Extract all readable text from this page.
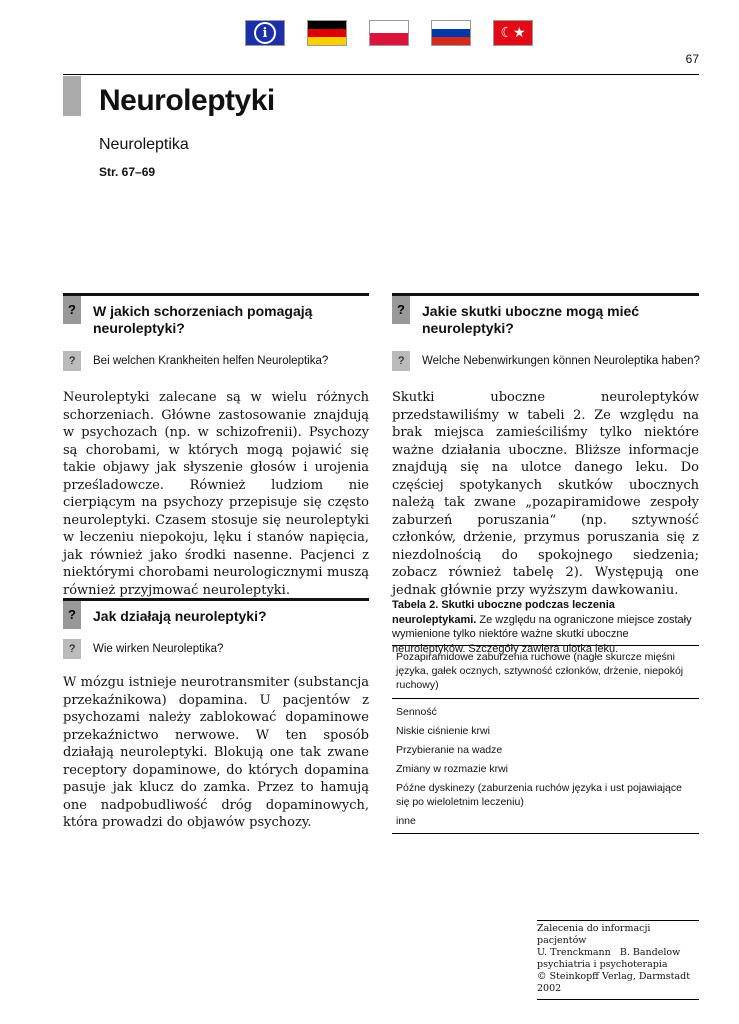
i	☾★
67
Neuroleptyki
Neuroleptika
Str. 67–69
?	W jakich schorzeniach pomagają neuroleptyki?
?	Bei welchen Krankheiten helfen Neuroleptika?

Neuroleptyki zalecane są w wielu różnych schorzeniach. Główne zastosowanie znajdują w psychozach (np. w schizofrenii). Psychozy są chorobami, w których mogą pojawić się takie objawy jak słyszenie głosów i urojenia prześladowcze. Również ludziom nie cierpiącym na psychozy przepisuje się często neuroleptyki. Czasem stosuje się neuroleptyki w leczeniu niepokoju, lęku i stanów napięcia, jak również jako środki nasenne. Pacjenci z niektórymi chorobami neurologicznymi muszą również przyjmować neuroleptyki.

?	Jakie skutki uboczne mogą mieć neuroleptyki?
?	Welche Nebenwirkungen können Neuroleptika haben?

Skutki uboczne neuroleptyków przedstawiliśmy w tabeli 2. Ze względu na brak miejsca zamieściliśmy tylko niektóre ważne działania uboczne. Bliższe informacje znajdują się na ulotce danego leku. Do częściej spotykanych skutków ubocznych należą tak zwane „pozapiramidowe zespoły zaburzeń poruszania“ (np. sztywność członków, drżenie, przymus poruszania się z niezdolnością do spokojnego siedzenia; zobacz również tabelę 2). Występują one jednak głównie przy wyższym dawkowaniu.

?	Jak działają neuroleptyki?
?	Wie wirken Neuroleptika?

W mózgu istnieje neurotransmiter (substancja przekaźnikowa) dopamina. U pacjentów z psychozami należy zablokować dopaminowe przekaźnictwo nerwowe. W ten sposób działają neuroleptyki. Blokują one tak zwane receptory dopaminowe, do których dopamina pasuje jak klucz do zamka. Przez to hamują one nadpobudliwość dróg dopaminowych, która prowadzi do objawów psychozy.

Tabela 2. Skutki uboczne podczas leczenia neuroleptykami. Ze względu na ograniczone miejsce zostały wymienione tylko niektóre ważne skutki uboczne neuroleptyków. Szczegóły zawiera ulotka leku.

Pozapiramidowe zaburzenia ruchowe (nagłe skurcze mięśni języka, gałek ocznych, sztywność członków, drżenie, niepokój ruchowy)
Senność
Niskie ciśnienie krwi
Przybieranie na wadze
Zmiany w rozmazie krwi
Późne dyskinezy (zaburzenia ruchów języka i ust pojawiające się po wieloletnim leczeniu)
inne
Zalecenia do informacji pacjentów
U. Trenckmann   B. Bandelow
psychiatria i psychoterapia
© Steinkopff Verlag, Darmstadt 2002
